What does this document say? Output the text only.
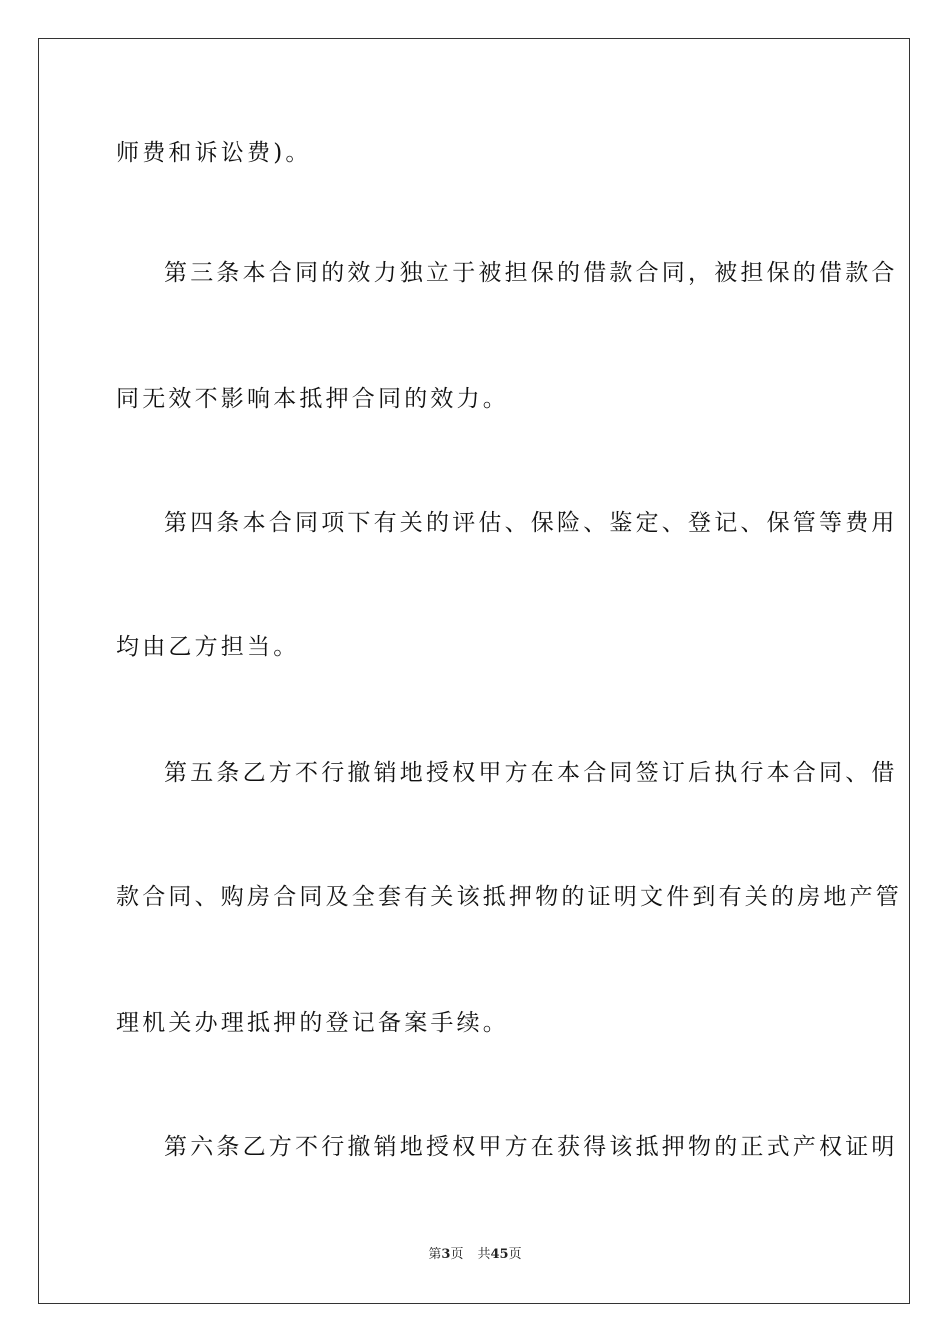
师费和诉讼费)。
第三条本合同的效力独立于被担保的借款合同，被担保的借款合
同无效不影响本抵押合同的效力。
第四条本合同项下有关的评估、保险、鉴定、登记、保管等费用
均由乙方担当。
第五条乙方不行撤销地授权甲方在本合同签订后执行本合同、借
款合同、购房合同及全套有关该抵押物的证明文件到有关的房地产管
理机关办理抵押的登记备案手续。
第六条乙方不行撤销地授权甲方在获得该抵押物的正式产权证明
第3页 共45页
